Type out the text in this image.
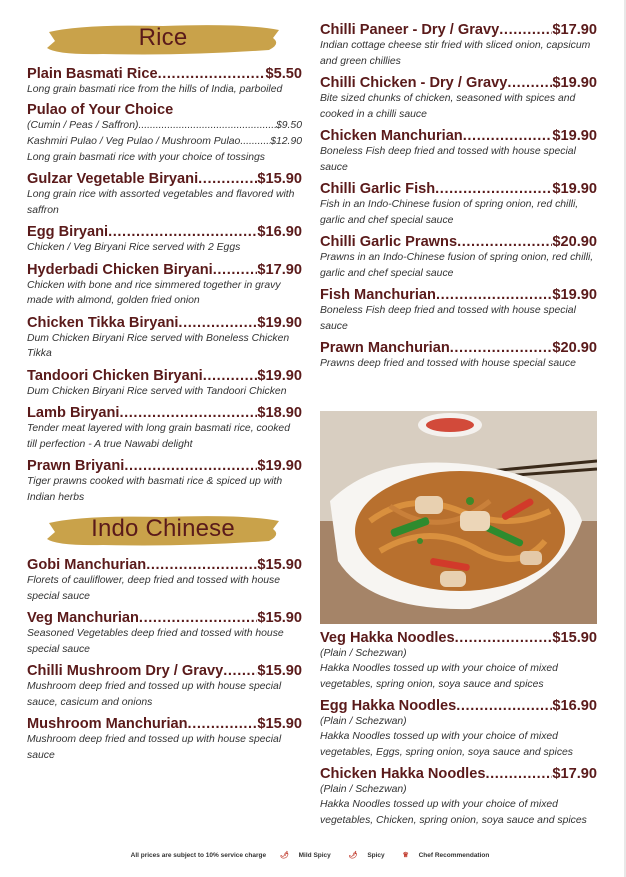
Rice
Plain Basmati Rice .....	$5.50
Long grain basmati rice from the hills of India, parboiled
Pulao of Your Choice
(Cumin / Peas / Saffron) .....	$9.50
Kashmiri Pulao / Veg Pulao / Mushroom Pulao .....	$12.90
Long grain basmati rice with your choice of tossings
Gulzar Vegetable Biryani .....	$15.90
Long grain rice with assorted vegetables and flavored with saffron
Egg Biryani .....	$16.90
Chicken / Veg Biryani Rice served with 2 Eggs
Hyderbadi Chicken Biryani .....	$17.90
Chicken with bone and rice simmered together in gravy made with almond, golden fried onion
Chicken Tikka Biryani .....	$19.90
Dum Chicken Biryani Rice served with Boneless Chicken Tikka
Tandoori Chicken Biryani .....	$19.90
Dum Chicken Biryani Rice served with Tandoori Chicken
Lamb Biryani .....	$18.90
Tender meat layered with long grain basmati rice, cooked till perfection - A true Nawabi delight
Prawn Briyani .....	$19.90
Tiger prawns cooked with basmati rice & spiced up with Indian herbs
Indo Chinese
Gobi Manchurian .....	$15.90
Florets of cauliflower, deep fried and tossed with house special sauce
Veg Manchurian .....	$15.90
Seasoned Vegetables deep fried and tossed with house special sauce
Chilli Mushroom Dry / Gravy ..... $15.90
Mushroom deep fried and tossed up with house special sauce, casicum and onions
Mushroom Manchurian .....	$15.90
Mushroom deep fried and tossed up with house special sauce
Chilli Paneer - Dry / Gravy .....	$17.90
Indian cottage cheese stir fried with sliced onion, capsicum and green chillies
Chilli Chicken - Dry / Gravy .....	$19.90
Bite sized chunks of chicken, seasoned with spices and cooked in a chilli sauce
Chicken Manchurian .....	$19.90
Boneless Fish deep fried and tossed with house special sauce
Chilli Garlic Fish .....	$19.90
Fish in an Indo-Chinese fusion of spring onion, red chilli, garlic and chef special sauce
Chilli Garlic Prawns .....	$20.90
Prawns in an Indo-Chinese fusion of spring onion, red chilli, garlic and chef special sauce
Fish Manchurian .....	$19.90
Boneless Fish deep fried and tossed with house special sauce
Prawn Manchurian .....	$20.90
Prawns deep fried and tossed with house special sauce
Veg Hakka Noodles .....	$15.90
(Plain / Schezwan)
Hakka Noodles tossed up with your choice of mixed vegetables, spring onion, soya sauce and spices
Egg Hakka Noodles .....	$16.90
(Plain / Schezwan)
Hakka Noodles tossed up with your choice of mixed vegetables, Eggs, spring onion, soya sauce and spices
Chicken Hakka Noodles .....	$17.90
(Plain / Schezwan)
Hakka Noodles tossed up with your choice of mixed vegetables, Chicken, spring onion, soya sauce and spices
All prices are subject to 10% service charge 🌶 Mild Spicy	🌶 Spicy	♕ Chef Recommendation
